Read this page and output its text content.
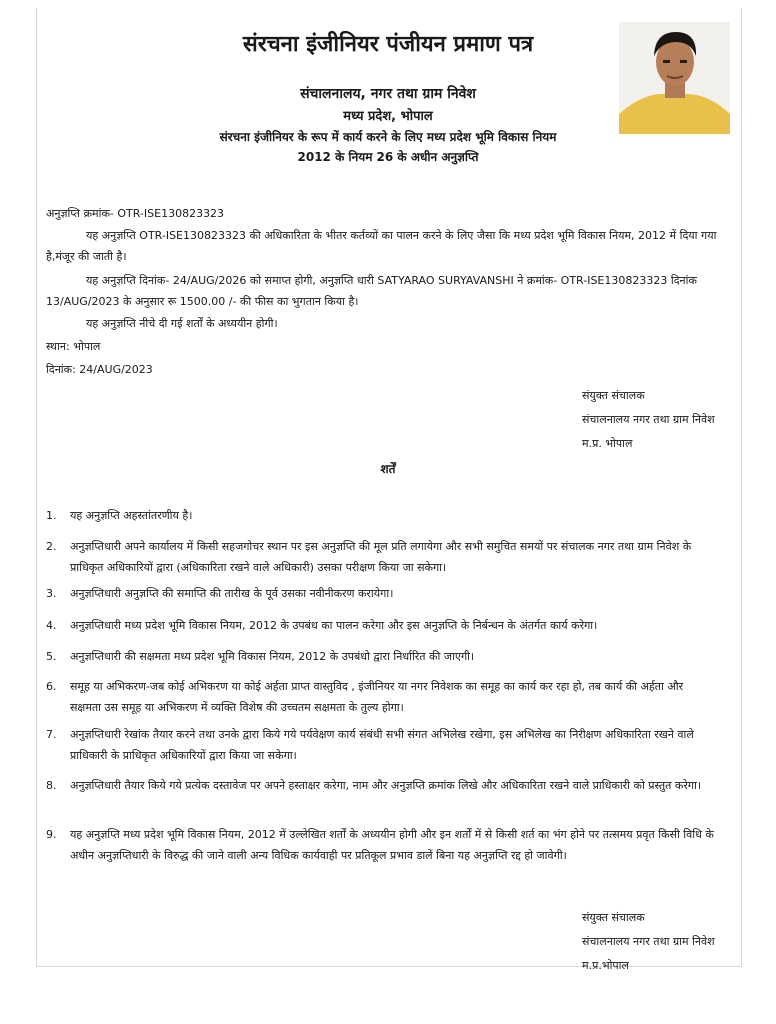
संरचना इंजीनियर पंजीयन प्रमाण पत्र
संचालनालय, नगर तथा ग्राम निवेश
मध्य प्रदेश, भोपाल
संरचना इंजीनियर के रूप में कार्य करने के लिए मध्य प्रदेश भूमि विकास नियम
2012 के नियम 26 के अधीन अनुज्ञप्ति
अनुज्ञप्ति क्रमांक- OTR-ISE130823323
यह अनुज्ञप्ति OTR-ISE130823323 की अधिकारिता के भीतर कर्तव्यों का पालन करने के लिए जैसा कि मध्य प्रदेश भूमि विकास नियम, 2012 में दिया गया है,मंजूर की जाती है।
यह अनुज्ञप्ति दिनांक- 24/AUG/2026 को समाप्त होगी, अनुज्ञप्ति धारी SATYARAO SURYAVANSHI ने क्रमांक- OTR-ISE130823323 दिनांक 13/AUG/2023 के अनुसार रू 1500.00 /- की फीस का भुगतान किया है।
यह अनुज्ञप्ति नीचे दी गई शर्तों के अध्ययीन होगी।
स्थान: भोपाल
दिनांक: 24/AUG/2023
संयुक्त संचालक
संचालनालय नगर तथा ग्राम निवेश
म.प्र. भोपाल
शर्तें
1.	यह अनुज्ञप्ति अहस्तांतरणीय है।
2.	अनुज्ञप्तिधारी अपने कार्यालय में किसी सहजगोचर स्थान पर इस अनुज्ञप्ति की मूल प्रति लगायेगा और सभी समुचित समयों पर संचालक नगर तथा ग्राम निवेश के प्राधिकृत अधिकारियों द्वारा (अधिकारिता रखने वाले अधिकारी) उसका परीक्षण किया जा सकेगा।
3.	अनुज्ञप्तिधारी अनुज्ञप्ति की समाप्ति की तारीख के पूर्व उसका नवीनीकरण करायेगा।
4.	अनुज्ञप्तिधारी मध्य प्रदेश भूमि विकास नियम, 2012 के उपबंध का पालन करेगा और इस अनुज्ञप्ति के निर्बन्धन के अंतर्गत कार्य करेगा।
5.	अनुज्ञप्तिधारी की सक्षमता मध्य प्रदेश भूमि विकास नियम, 2012 के उपबंधो द्वारा निर्धारित की जाएगी।
6.	समूह या अभिकरण-जब कोई अभिकरण या कोई अर्हता प्राप्त वास्तुविद , इंजीनियर या नगर निवेशक का समूह का कार्य कर रहा हो, तब कार्य की अर्हता और सक्षमता उस समूह या अभिकरण में व्यक्ति विशेष की उच्चतम सक्षमता के तुल्य होगा।
7.	अनुज्ञप्तिधारी रेखांक तैयार करने तथा उनके द्वारा किये गये पर्यवेक्षण कार्य संबंधी सभी संगत अभिलेख रखेगा, इस अभिलेख का निरीक्षण अधिकारिता रखने वाले प्राधिकारी के प्राधिकृत अधिकारियों द्वारा किया जा सकेगा।
8.	अनुज्ञप्तिधारी तैयार किये गये प्रत्येक दस्तावेज पर अपने हस्ताक्षर करेगा, नाम और अनुज्ञप्ति क्रमांक लिखे और अधिकारिता रखने वाले प्राधिकारी को प्रस्तुत करेगा।
9.	यह अनुज्ञप्ति मध्य प्रदेश भूमि विकास नियम, 2012 में उल्लेखित शर्तों के अध्ययीन होगी और इन शर्तों में से किसी शर्त का भंग होने पर तत्समय प्रवृत किसी विधि के अधीन अनुज्ञप्तिधारी के विरुद्ध की जाने वाली अन्य विधिक कार्यवाही पर प्रतिकूल प्रभाव डालें बिना यह अनुज्ञप्ति रद्द हो जावेगी।
संयुक्त संचालक
संचालनालय नगर तथा ग्राम निवेश
म.प्र.भोपाल
